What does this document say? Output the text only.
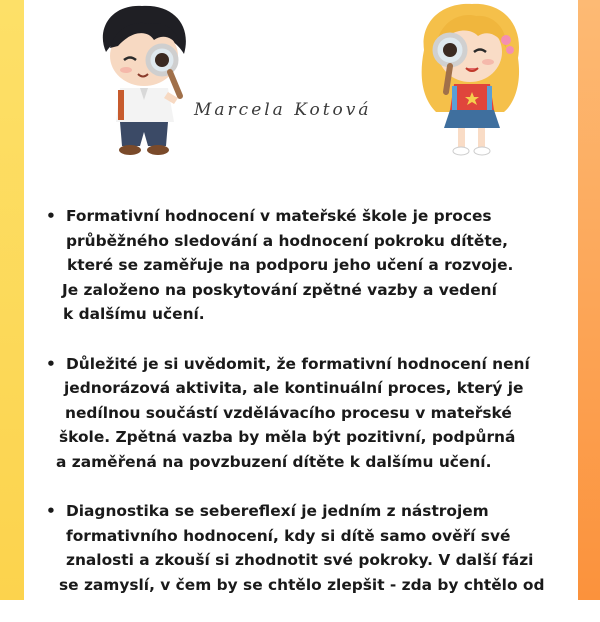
Marcela Kotová
• Formativní hodnocení v mateřské škole je proces
průběžného sledování a hodnocení pokroku dítěte,
které se zaměřuje na podporu jeho učení a rozvoje.
Je založeno na poskytování zpětné vazby a vedení
k dalšímu učení.
• Důležité je si uvědomit, že formativní hodnocení není
jednorázová aktivita, ale kontinuální proces, který je
nedílnou součástí vzdělávacího procesu v mateřské
škole. Zpětná vazba by měla být pozitivní, podpůrná
a zaměřená na povzbuzení dítěte k dalšímu učení.
• Diagnostika se sebereflexí je jedním z nástrojem
formativního hodnocení, kdy si dítě samo ověří své
znalosti a zkouší si zhodnotit své pokroky. V další fázi
se zamyslí, v čem by se chtělo zlepšit - zda by chtělo od
